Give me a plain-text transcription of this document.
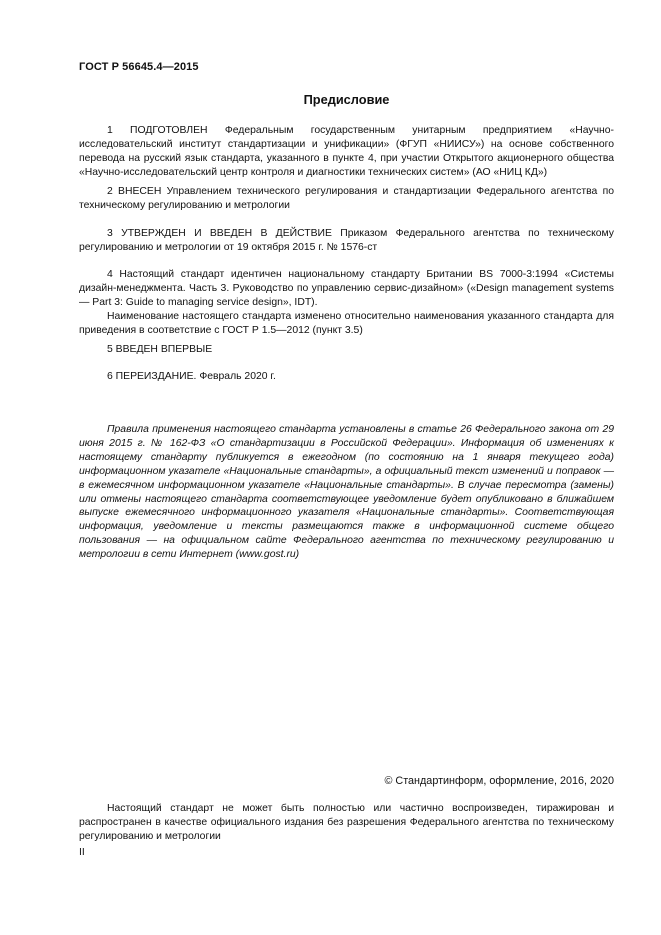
ГОСТ Р 56645.4—2015
Предисловие

1 ПОДГОТОВЛЕН Федеральным государственным унитарным предприятием «Научно-исследовательский институт стандартизации и унификации» (ФГУП «НИИСУ») на основе собственного перевода на русский язык стандарта, указанного в пункте 4, при участии Открытого акционерного общества «Научно-исследовательский центр контроля и диагностики технических систем» (АО «НИЦ КД»)

2 ВНЕСЕН Управлением технического регулирования и стандартизации Федерального агентства по техническому регулированию и метрологии

3 УТВЕРЖДЕН И ВВЕДЕН В ДЕЙСТВИЕ Приказом Федерального агентства по техническому регулированию и метрологии от 19 октября 2015 г. № 1576-ст

4 Настоящий стандарт идентичен национальному стандарту Британии BS 7000-3:1994 «Системы дизайн-менеджмента. Часть 3. Руководство по управлению сервис-дизайном» («Design management systems — Part 3: Guide to managing service design», IDT).

Наименование настоящего стандарта изменено относительно наименования указанного стандарта для приведения в соответствие с ГОСТ Р 1.5—2012 (пункт 3.5)

5 ВВЕДЕН ВПЕРВЫЕ

6 ПЕРЕИЗДАНИЕ. Февраль 2020 г.

Правила применения настоящего стандарта установлены в статье 26 Федерального закона от 29 июня 2015 г. № 162-ФЗ «О стандартизации в Российской Федерации». Информация об изменениях к настоящему стандарту публикуется в ежегодном (по состоянию на 1 января текущего года) информационном указателе «Национальные стандарты», а официальный текст изменений и поправок — в ежемесячном информационном указателе «Национальные стандарты». В случае пересмотра (замены) или отмены настоящего стандарта соответствующее уведомление будет опубликовано в ближайшем выпуске ежемесячного информационного указателя «Национальные стандарты». Соответствующая информация, уведомление и тексты размещаются также в информационной системе общего пользования — на официальном сайте Федерального агентства по техническому регулированию и метрологии в сети Интернет (www.gost.ru)

© Стандартинформ, оформление, 2016, 2020

Настоящий стандарт не может быть полностью или частично воспроизведен, тиражирован и распространен в качестве официального издания без разрешения Федерального агентства по техническому регулированию и метрологии

II
